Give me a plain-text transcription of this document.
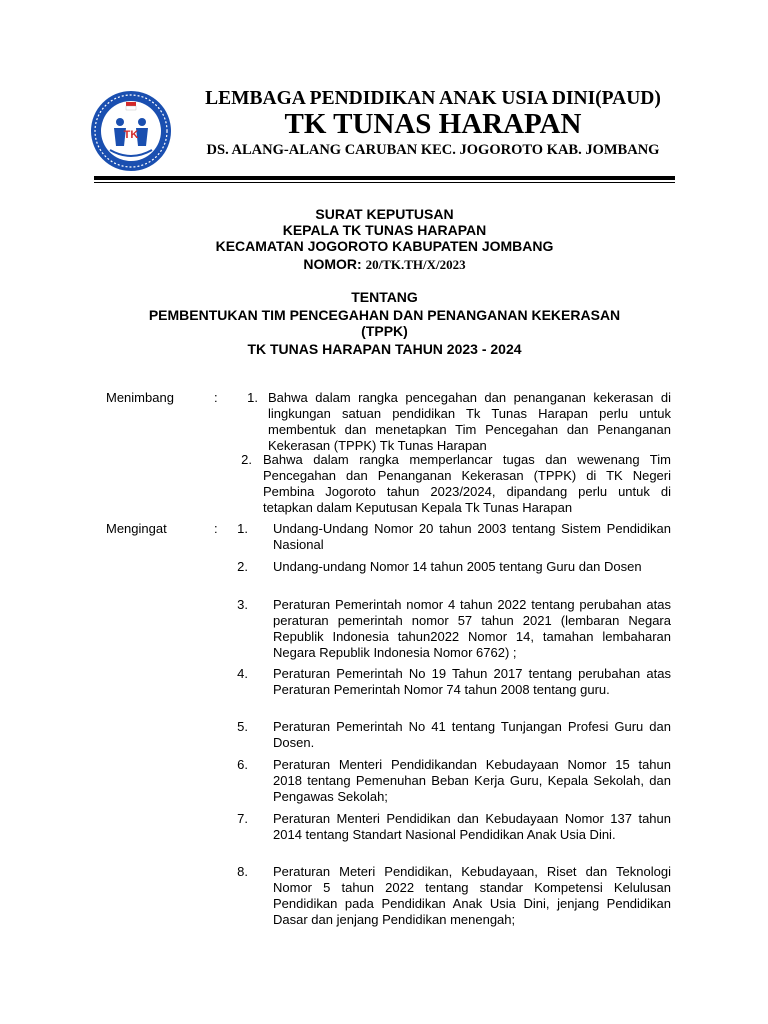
TK
LEMBAGA PENDIDIKAN ANAK USIA DINI(PAUD)
TK TUNAS HARAPAN
DS. ALANG-ALANG CARUBAN KEC. JOGOROTO KAB. JOMBANG
SURAT KEPUTUSAN
KEPALA TK TUNAS HARAPAN
KECAMATAN JOGOROTO KABUPATEN JOMBANG
NOMOR: 20/TK.TH/X/2023
TENTANG
PEMBENTUKAN TIM PENCEGAHAN DAN PENANGANAN KEKERASAN
(TPPK)
TK TUNAS HARAPAN TAHUN 2023 - 2024
Menimbang	:	1. Bahwa dalam rangka pencegahan dan penanganan kekerasan di lingkungan satuan pendidikan Tk Tunas Harapan perlu untuk membentuk dan menetapkan Tim Pencegahan dan Penanganan Kekerasan (TPPK) Tk Tunas Harapan
2. Bahwa dalam rangka memperlancar tugas dan wewenang Tim Pencegahan dan Penanganan Kekerasan (TPPK) di TK Negeri Pembina Jogoroto tahun 2023/2024, dipandang perlu untuk di tetapkan dalam Keputusan Kepala Tk Tunas Harapan
Mengingat	:	1. Undang-Undang Nomor 20 tahun 2003 tentang Sistem Pendidikan Nasional
2. Undang-undang Nomor 14 tahun 2005 tentang Guru dan Dosen
3. Peraturan Pemerintah nomor 4 tahun 2022 tentang perubahan atas peraturan pemerintah nomor 57 tahun 2021 (lembaran Negara Republik Indonesia tahun2022 Nomor 14, tamahan lembaharan Negara Republik Indonesia Nomor 6762) ;
4. Peraturan Pemerintah No 19 Tahun 2017 tentang perubahan atas Peraturan Pemerintah Nomor 74 tahun 2008 tentang guru.
5. Peraturan Pemerintah No 41 tentang Tunjangan Profesi Guru dan Dosen.
6. Peraturan Menteri Pendidikandan Kebudayaan Nomor 15 tahun 2018 tentang Pemenuhan Beban Kerja Guru, Kepala Sekolah, dan Pengawas Sekolah;
7. Peraturan Menteri Pendidikan dan Kebudayaan Nomor 137 tahun 2014 tentang Standart Nasional Pendidikan Anak Usia Dini.
8. Peraturan Meteri Pendidikan, Kebudayaan, Riset dan Teknologi Nomor 5 tahun 2022 tentang standar Kompetensi Kelulusan Pendidikan pada Pendidikan Anak Usia Dini, jenjang Pendidikan Dasar dan jenjang Pendidikan menengah;
